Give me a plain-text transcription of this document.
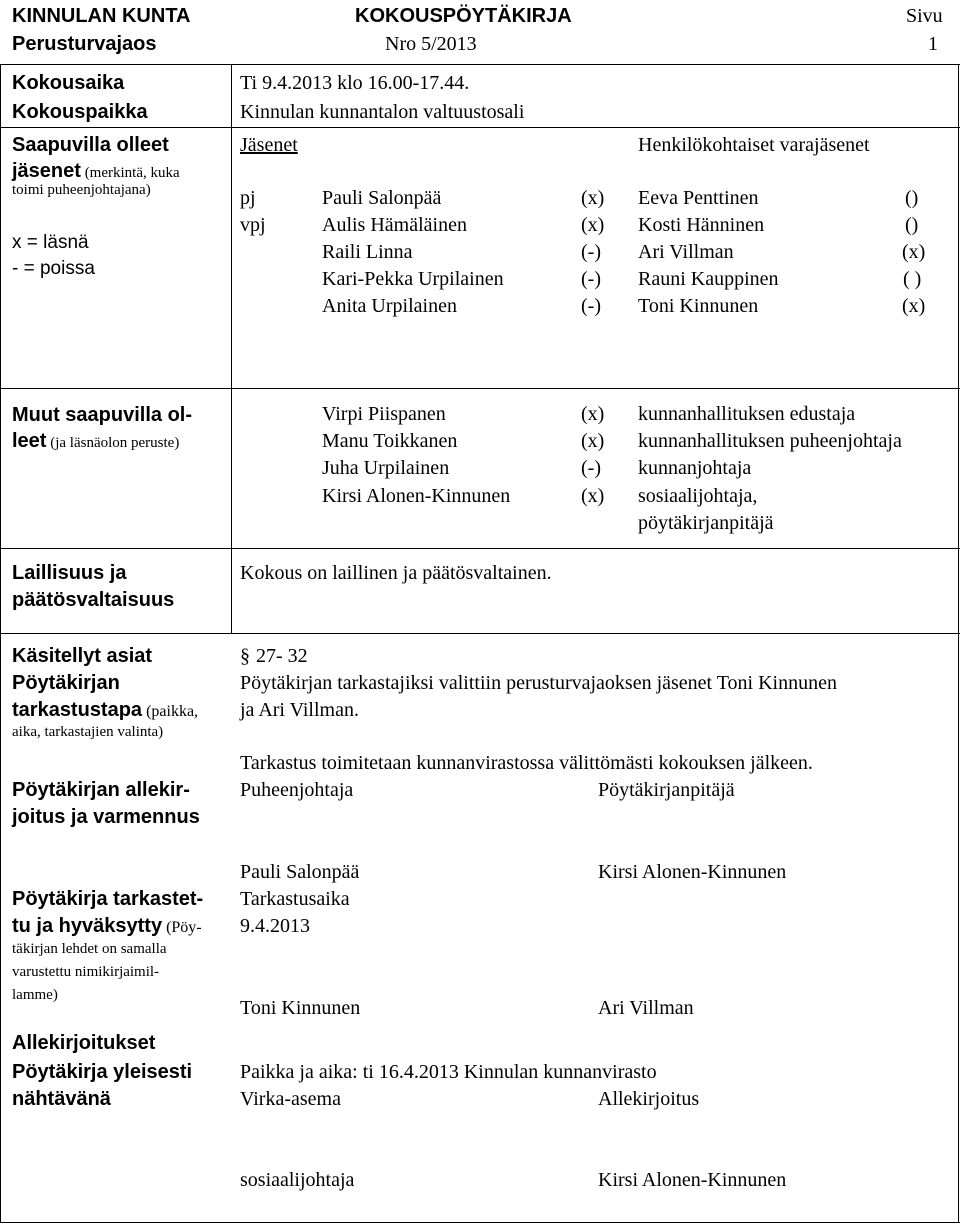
KINNULAN KUNTA
Perusturvajaos
KOKOUSPÖYTÄKIRJA
Nro 5/2013
Sivu
1
Kokousaika	Ti 9.4.2013 klo 16.00-17.44.
Kokouspaikka	Kinnulan kunnantalon valtuustosali
Saapuvilla olleet
jäsenet (merkintä, kuka
toimi puheenjohtajana)
x = läsnä
- = poissa
Jäsenet	Henkilökohtaiset varajäsenet
pj	Pauli Salonpää	(x) Eeva Penttinen	()
vpj	Aulis Hämäläinen	(x) Kosti Hänninen	()
Raili Linna	(-) Ari Villman	(x)
Kari-Pekka Urpilainen	(-) Rauni Kauppinen	( )
Anita Urpilainen	(-) Toni Kinnunen	(x)
Muut saapuvilla ol-
leet (ja läsnäolon peruste)
Virpi Piispanen	(x) kunnanhallituksen edustaja
Manu Toikkanen	(x) kunnanhallituksen puheenjohtaja
Juha Urpilainen	(-) kunnanjohtaja
Kirsi Alonen-Kinnunen	(x) sosiaalijohtaja,
pöytäkirjanpitäjä
Laillisuus ja
päätösvaltaisuus
Kokous on laillinen ja päätösvaltainen.
Käsitellyt asiat	§ 27- 32
Pöytäkirjan
tarkastustapa (paikka,
aika, tarkastajien valinta)
Pöytäkirjan tarkastajiksi valittiin perusturvajaoksen jäsenet Toni Kinnunen
ja Ari Villman.
Tarkastus toimitetaan kunnanvirastossa välittömästi kokouksen jälkeen.
Pöytäkirjan allekir-
joitus ja varmennus
Puheenjohtaja	Pöytäkirjanpitäjä
Pauli Salonpää	Kirsi Alonen-Kinnunen
Pöytäkirja tarkastet-
tu ja hyväksytty (Pöy-
täkirjan lehdet on samalla
varustettu nimikirjaimil-
lamme)
Tarkastusaika
9.4.2013
Toni Kinnunen	Ari Villman
Allekirjoitukset
Pöytäkirja yleisesti
nähtävänä
Paikka ja aika: ti 16.4.2013 Kinnulan kunnanvirasto
Virka-asema	Allekirjoitus
sosiaalijohtaja	Kirsi Alonen-Kinnunen
